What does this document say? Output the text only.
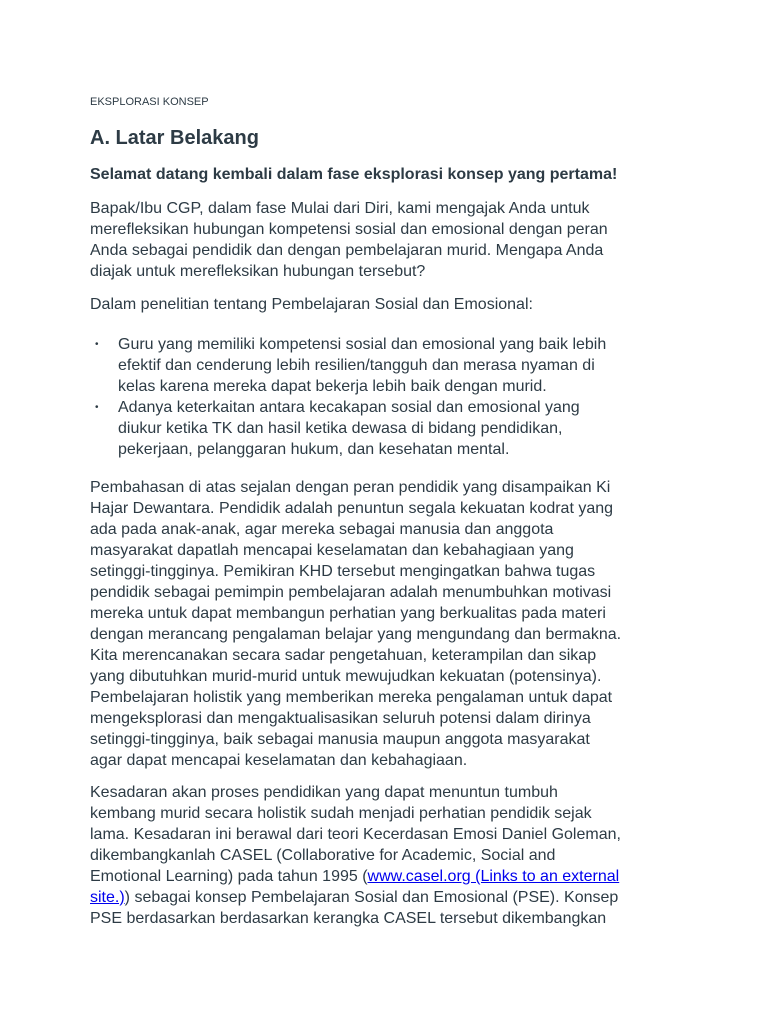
EKSPLORASI KONSEP
A. Latar Belakang

Selamat datang kembali dalam fase eksplorasi konsep yang pertama!

Bapak/Ibu CGP, dalam fase Mulai dari Diri, kami mengajak Anda untuk
merefleksikan hubungan kompetensi sosial dan emosional dengan peran
Anda sebagai pendidik dan dengan pembelajaran murid. Mengapa Anda
diajak untuk merefleksikan hubungan tersebut?

Dalam penelitian tentang Pembelajaran Sosial dan Emosional:

• Guru yang memiliki kompetensi sosial dan emosional yang baik lebih
efektif dan cenderung lebih resilien/tangguh dan merasa nyaman di
kelas karena mereka dapat bekerja lebih baik dengan murid.
• Adanya keterkaitan antara kecakapan sosial dan emosional yang
diukur ketika TK dan hasil ketika dewasa di bidang pendidikan,
pekerjaan, pelanggaran hukum, dan kesehatan mental.

Pembahasan di atas sejalan dengan peran pendidik yang disampaikan Ki
Hajar Dewantara. Pendidik adalah penuntun segala kekuatan kodrat yang
ada pada anak-anak, agar mereka sebagai manusia dan anggota
masyarakat dapatlah mencapai keselamatan dan kebahagiaan yang
setinggi-tingginya. Pemikiran KHD tersebut mengingatkan bahwa tugas
pendidik sebagai pemimpin pembelajaran adalah menumbuhkan motivasi
mereka untuk dapat membangun perhatian yang berkualitas pada materi
dengan merancang pengalaman belajar yang mengundang dan bermakna.
Kita merencanakan secara sadar pengetahuan, keterampilan dan sikap
yang dibutuhkan murid-murid untuk mewujudkan kekuatan (potensinya).
Pembelajaran holistik yang memberikan mereka pengalaman untuk dapat
mengeksplorasi dan mengaktualisasikan seluruh potensi dalam dirinya
setinggi-tingginya, baik sebagai manusia maupun anggota masyarakat
agar dapat mencapai keselamatan dan kebahagiaan.

Kesadaran akan proses pendidikan yang dapat menuntun tumbuh
kembang murid secara holistik sudah menjadi perhatian pendidik sejak
lama. Kesadaran ini berawal dari teori Kecerdasan Emosi Daniel Goleman,
dikembangkanlah CASEL (Collaborative for Academic, Social and
Emotional Learning) pada tahun 1995 (www.casel.org (Links to an external
site.)) sebagai konsep Pembelajaran Sosial dan Emosional (PSE). Konsep
PSE berdasarkan berdasarkan kerangka CASEL tersebut dikembangkan
